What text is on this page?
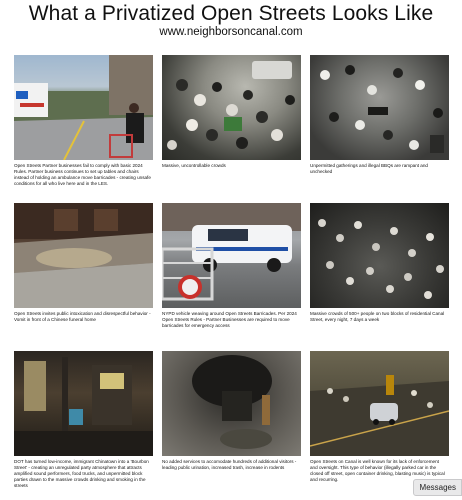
What a Privatized Open Streets Looks Like
www.neighborsoncanal.com
Open Streets Partner businesses fail to comply with basic 2024 Rules. Partner business continues to set up tables and chairs instead of holding an ambulance move barricades - creating unsafe conditions for all who live here and in the LES.
Massive, uncontrollable crowds	Unpermitted gatherings and illegal BBQs are rampant and unchecked
Open Streets invites public intoxication and disrespectful behavior - Vomit in front of a Chinese funeral home
NYPD vehicle weaving around Open Streets Barricades. Per 2024 Open Streets Rules - Partner Businesses are required to move barricades for emergency access
Massive crowds of 500+ people on two blocks of residential Canal Street, every night, 7 days a week
DOT has turned low-income, immigrant Chinatown into a 'Bourbon Street' - creating an unregulated party atmosphere that attracts amplified sound performers, food trucks, and unpermitted block parties drawn to the massive crowds drinking and smoking in the streets
No added services to accomodate hundreds of additional visitors - leading public urination, increased trash, increase in rodents
Open Streets on Canal is well known for its lack of enforcement and oversight. This type of behavior (illegally parked car in the closed off street, open container drinking, blasting music) is typical and recurring.
Messages
